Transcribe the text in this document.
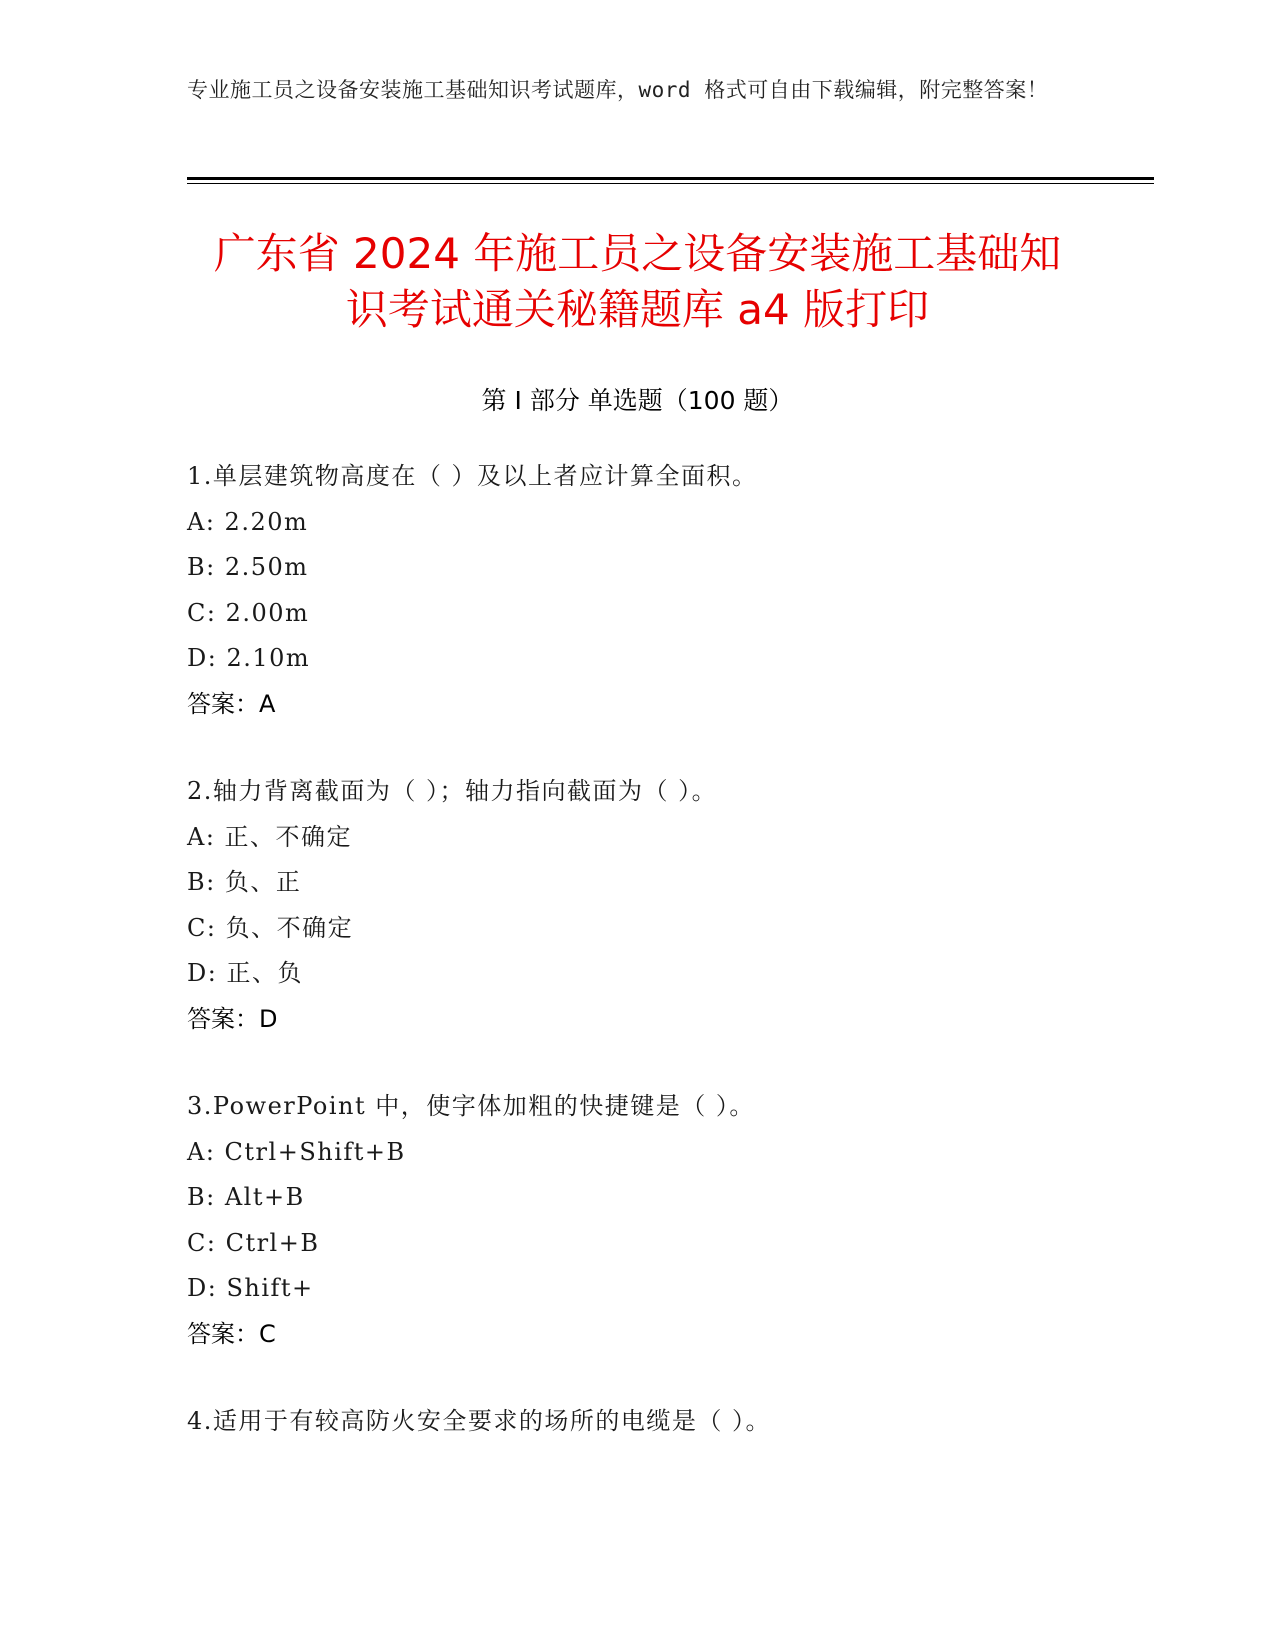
专业施工员之设备安装施工基础知识考试题库，word 格式可自由下载编辑，附完整答案！
广东省 2024 年施工员之设备安装施工基础知
识考试通关秘籍题库 a4 版打印
第 I 部分 单选题（100 题）
1.单层建筑物高度在（ ）及以上者应计算全面积。
A: 2.20m
B: 2.50m
C: 2.00m
D: 2.10m
答案：A
2.轴力背离截面为（ ）；轴力指向截面为（ ）。
A: 正、不确定
B: 负、正
C: 负、不确定
D: 正、负
答案：D
3.PowerPoint 中，使字体加粗的快捷键是（ ）。
A: Ctrl+Shift+B
B: Alt+B
C: Ctrl+B
D: Shift+
答案：C
4.适用于有较高防火安全要求的场所的电缆是（ ）。
